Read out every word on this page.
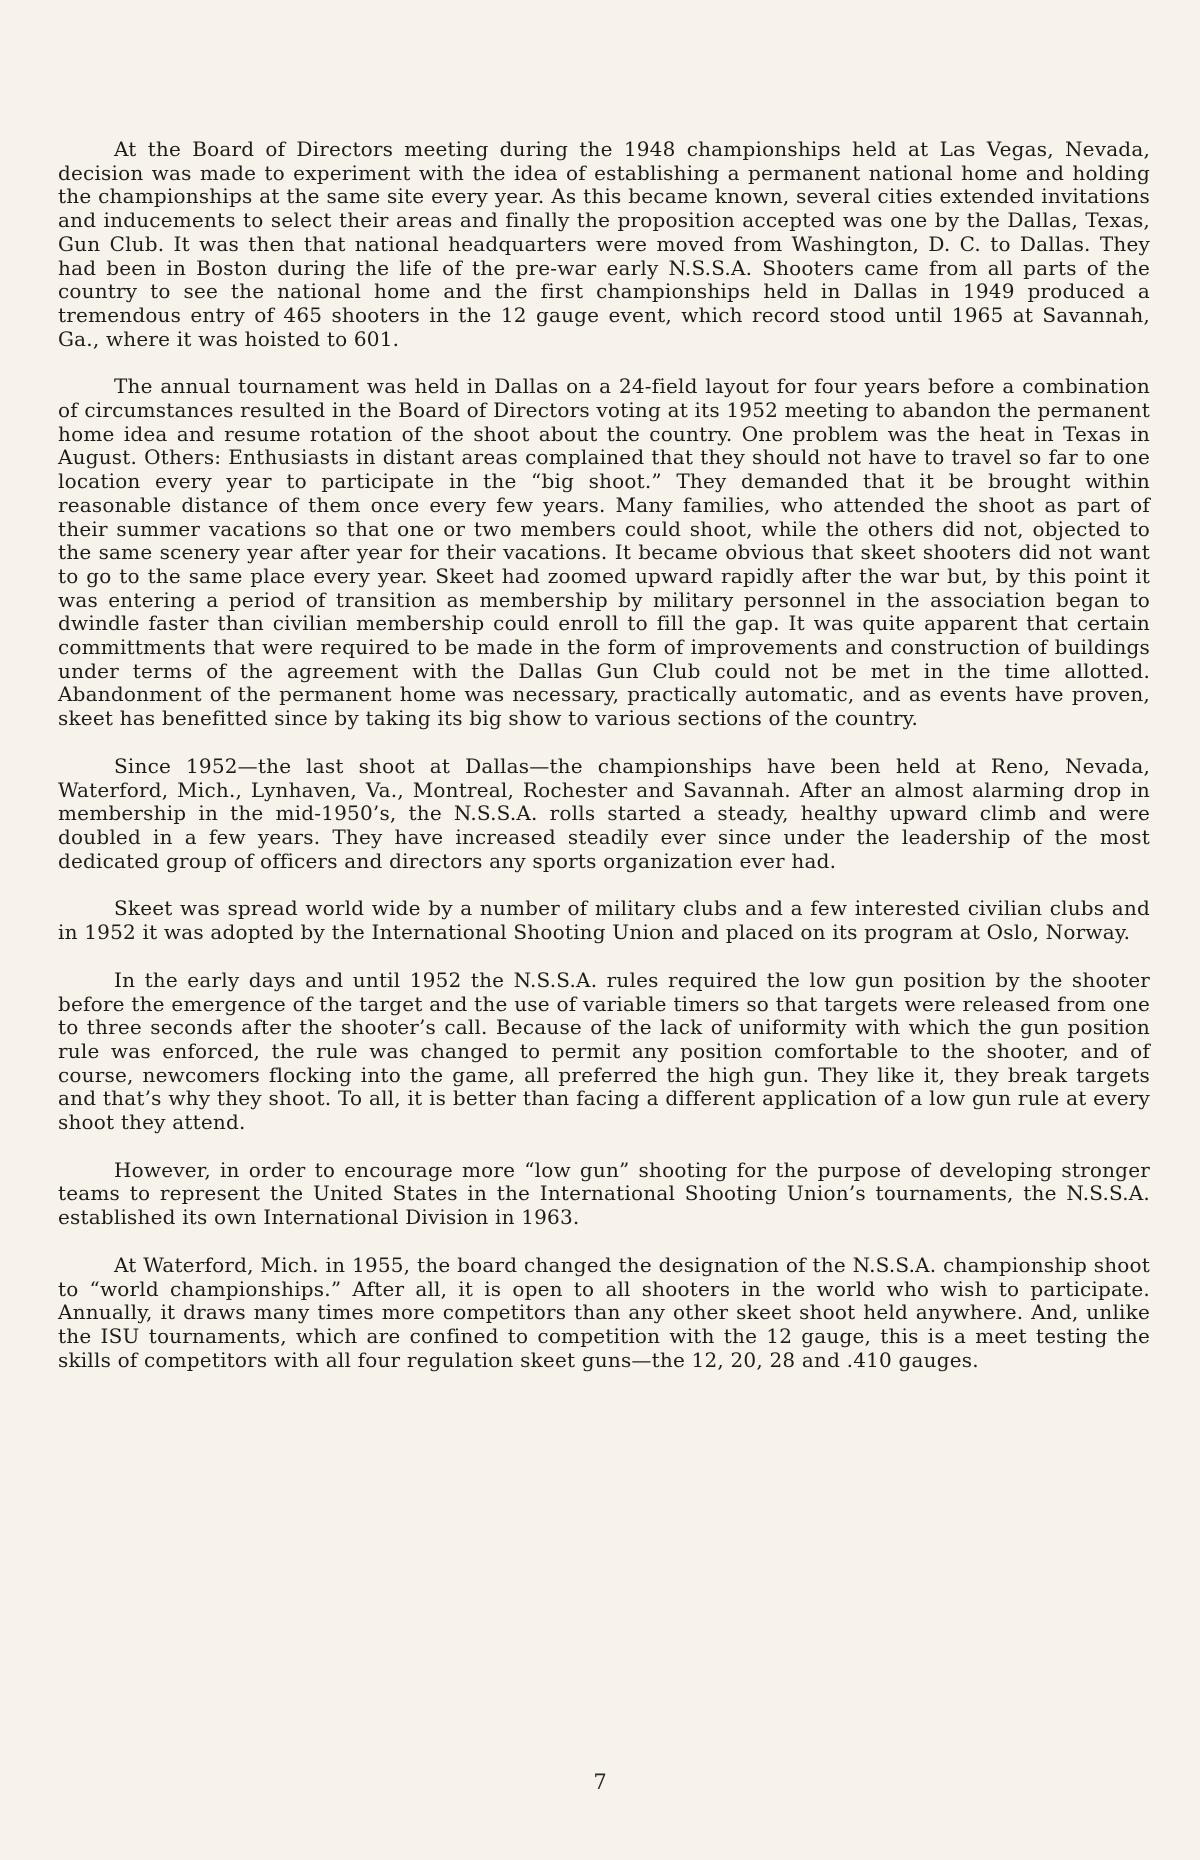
At the Board of Directors meeting during the 1948 championships held at Las Vegas, Nevada, decision was made to experiment with the idea of establishing a permanent national home and holding the championships at the same site every year. As this became known, several cities extended invitations and inducements to select their areas and finally the proposition accepted was one by the Dallas, Texas, Gun Club. It was then that national headquarters were moved from Washington, D. C. to Dallas. They had been in Boston during the life of the pre-war early N.S.S.A. Shooters came from all parts of the country to see the national home and the first championships held in Dallas in 1949 produced a tremendous entry of 465 shooters in the 12 gauge event, which record stood until 1965 at Savannah, Ga., where it was hoisted to 601.

The annual tournament was held in Dallas on a 24-field layout for four years before a combination of circumstances resulted in the Board of Directors voting at its 1952 meeting to abandon the permanent home idea and resume rotation of the shoot about the country. One problem was the heat in Texas in August. Others: Enthusiasts in distant areas complained that they should not have to travel so far to one location every year to participate in the “big shoot.” They demanded that it be brought within reasonable distance of them once every few years. Many families, who attended the shoot as part of their summer vacations so that one or two members could shoot, while the others did not, objected to the same scenery year after year for their vacations. It became obvious that skeet shooters did not want to go to the same place every year. Skeet had zoomed upward rapidly after the war but, by this point it was entering a period of transition as membership by military personnel in the association began to dwindle faster than civilian membership could enroll to fill the gap. It was quite apparent that certain committments that were required to be made in the form of improvements and construction of buildings under terms of the agreement with the Dallas Gun Club could not be met in the time allotted. Abandonment of the permanent home was necessary, practically automatic, and as events have proven, skeet has benefitted since by taking its big show to various sections of the country.

Since 1952—the last shoot at Dallas—the championships have been held at Reno, Nevada, Waterford, Mich., Lynhaven, Va., Montreal, Rochester and Savannah. After an almost alarming drop in membership in the mid-1950’s, the N.S.S.A. rolls started a steady, healthy upward climb and were doubled in a few years. They have increased steadily ever since under the leadership of the most dedicated group of officers and directors any sports organization ever had.

Skeet was spread world wide by a number of military clubs and a few interested civilian clubs and in 1952 it was adopted by the International Shooting Union and placed on its program at Oslo, Norway.

In the early days and until 1952 the N.S.S.A. rules required the low gun position by the shooter before the emergence of the target and the use of variable timers so that targets were released from one to three seconds after the shooter’s call. Because of the lack of uniformity with which the gun position rule was enforced, the rule was changed to permit any position comfortable to the shooter, and of course, newcomers flocking into the game, all preferred the high gun. They like it, they break targets and that’s why they shoot. To all, it is better than facing a different application of a low gun rule at every shoot they attend.

However, in order to encourage more “low gun” shooting for the purpose of developing stronger teams to represent the United States in the International Shooting Union’s tournaments, the N.S.S.A. established its own International Division in 1963.

At Waterford, Mich. in 1955, the board changed the designation of the N.S.S.A. championship shoot to “world championships.” After all, it is open to all shooters in the world who wish to participate. Annually, it draws many times more competitors than any other skeet shoot held anywhere. And, unlike the ISU tournaments, which are confined to competition with the 12 gauge, this is a meet testing the skills of competitors with all four regulation skeet guns—the 12, 20, 28 and .410 gauges.

7
